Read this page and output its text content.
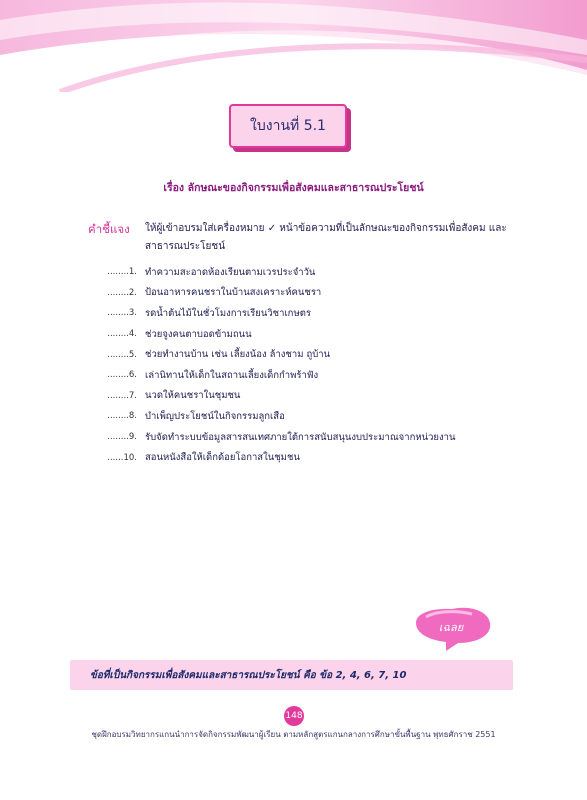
ใบงานที่ 5.1
เรื่อง ลักษณะของกิจกรรมเพื่อสังคมและสาธารณประโยชน์
คำชี้แจง ให้ผู้เข้าอบรมใส่เครื่องหมาย ✓ หน้าข้อความที่เป็นลักษณะของกิจกรรมเพื่อสังคม และสาธารณประโยชน์
........1. ทำความสะอาดห้องเรียนตามเวรประจำวัน
........2. ป้อนอาหารคนชราในบ้านสงเคราะห์คนชรา
........3. รดน้ำต้นไม้ในชั่วโมงการเรียนวิชาเกษตร
........4. ช่วยจูงคนตาบอดข้ามถนน
........5. ช่วยทำงานบ้าน เช่น เลี้ยงน้อง ล้างชาม ถูบ้าน
........6. เล่านิทานให้เด็กในสถานเลี้ยงเด็กกำพร้าฟัง
........7. นวดให้คนชราในชุมชน
........8. บำเพ็ญประโยชน์ในกิจกรรมลูกเสือ
........9. รับจัดทำระบบข้อมูลสารสนเทศภายใต้การสนับสนุนงบประมาณจากหน่วยงาน
......10. สอนหนังสือให้เด็กด้อยโอกาสในชุมชน
เฉลย
ข้อที่เป็นกิจกรรมเพื่อสังคมและสาธารณประโยชน์ คือ ข้อ 2, 4, 6, 7, 10
148
ชุดฝึกอบรมวิทยากรแกนนำการจัดกิจกรรมพัฒนาผู้เรียน ตามหลักสูตรแกนกลางการศึกษาขั้นพื้นฐาน พุทธศักราช 2551
